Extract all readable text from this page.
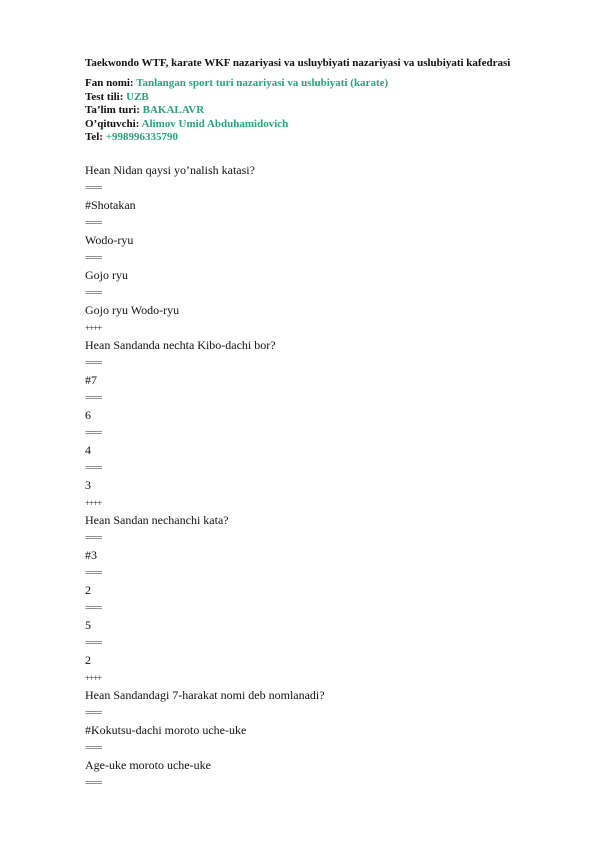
Taekwondo WTF, karate WKF nazariyasi va usluybiyati nazariyasi va uslubiyati kafedrasi
Fan nomi: Tanlangan sport turi nazariyasi va uslubiyati (karate)
Test tili: UZB
Ta’lim turi: BAKALAVR
O’qituvchi: Alimov Umid Abduhamidovich
Tel: +998996335790
Hean Nidan qaysi yo’nalish katasi?
====
#Shotakan
====
Wodo-ryu
====
Gojo ryu
====
Gojo ryu Wodo-ryu
++++
Hean Sandanda nechta Kibo-dachi bor?
====
#7
====
6
====
4
====
3
++++
Hean Sandan nechanchi kata?
====
#3
====
2
====
5
====
2
++++
Hean Sandandagi 7-harakat nomi deb nomlanadi?
====
#Kokutsu-dachi moroto uche-uke
====
Age-uke moroto uche-uke
====
